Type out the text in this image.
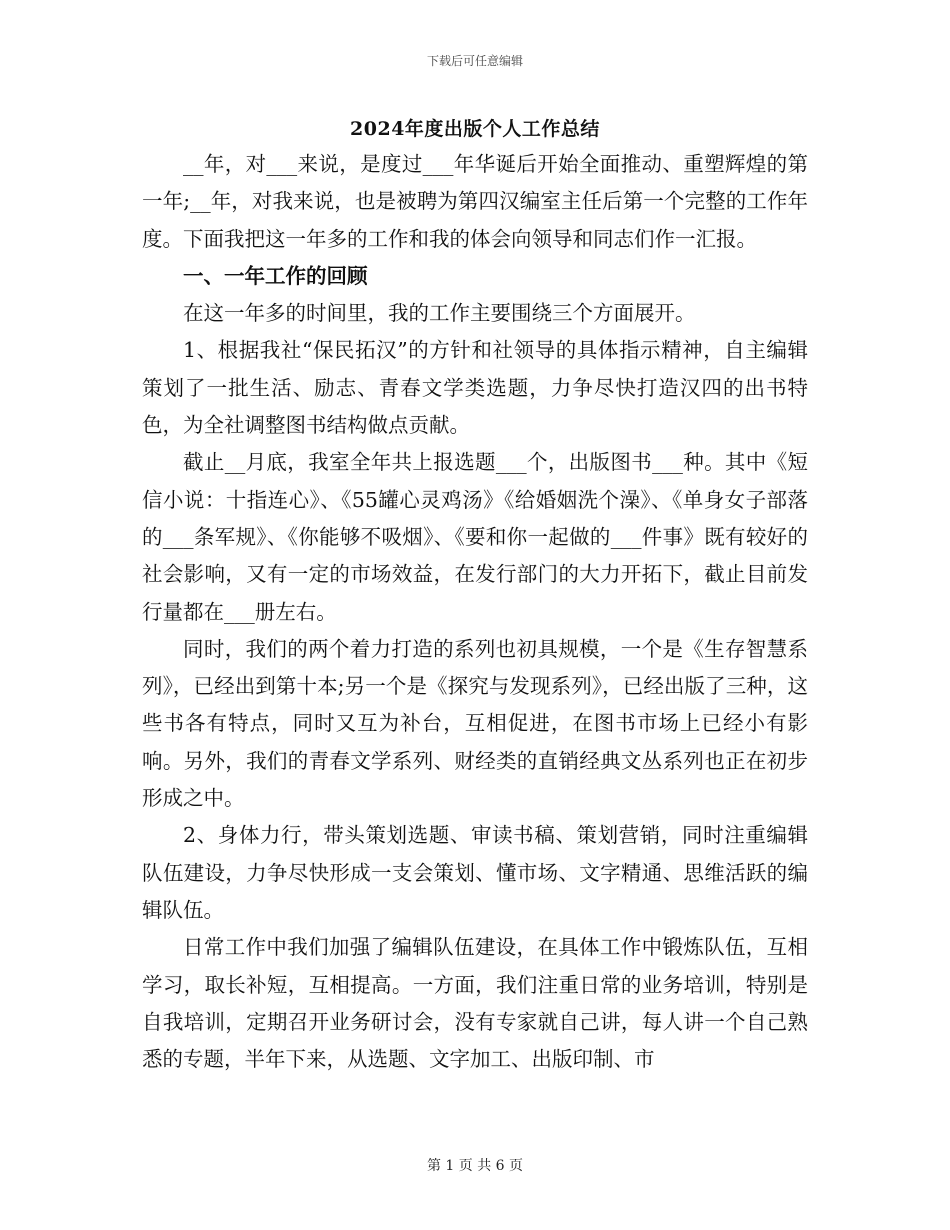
下载后可任意编辑
2024年度出版个人工作总结

__年，对___来说，是度过___年华诞后开始全面推动、重塑辉煌的第一年;__年，对我来说，也是被聘为第四汉编室主任后第一个完整的工作年度。下面我把这一年多的工作和我的体会向领导和同志们作一汇报。

一、一年工作的回顾

在这一年多的时间里，我的工作主要围绕三个方面展开。

1、根据我社“保民拓汉”的方针和社领导的具体指示精神，自主编辑策划了一批生活、励志、青春文学类选题，力争尽快打造汉四的出书特色，为全社调整图书结构做点贡献。

截止__月底，我室全年共上报选题___个，出版图书___种。其中《短信小说：十指连心》、《55罐心灵鸡汤》《给婚姻洗个澡》、《单身女子部落的___条军规》、《你能够不吸烟》、《要和你一起做的___件事》既有较好的社会影响，又有一定的市场效益，在发行部门的大力开拓下，截止目前发行量都在___册左右。

同时，我们的两个着力打造的系列也初具规模，一个是《生存智慧系列》，已经出到第十本;另一个是《探究与发现系列》，已经出版了三种，这些书各有特点，同时又互为补台，互相促进，在图书市场上已经小有影响。另外，我们的青春文学系列、财经类的直销经典文丛系列也正在初步形成之中。

2、身体力行，带头策划选题、审读书稿、策划营销，同时注重编辑队伍建设，力争尽快形成一支会策划、懂市场、文字精通、思维活跃的编辑队伍。

日常工作中我们加强了编辑队伍建设，在具体工作中锻炼队伍，互相学习，取长补短，互相提高。一方面，我们注重日常的业务培训，特别是自我培训，定期召开业务研讨会，没有专家就自己讲，每人讲一个自己熟悉的专题，半年下来，从选题、文字加工、出版印制、市

第 1 页 共 6 页
